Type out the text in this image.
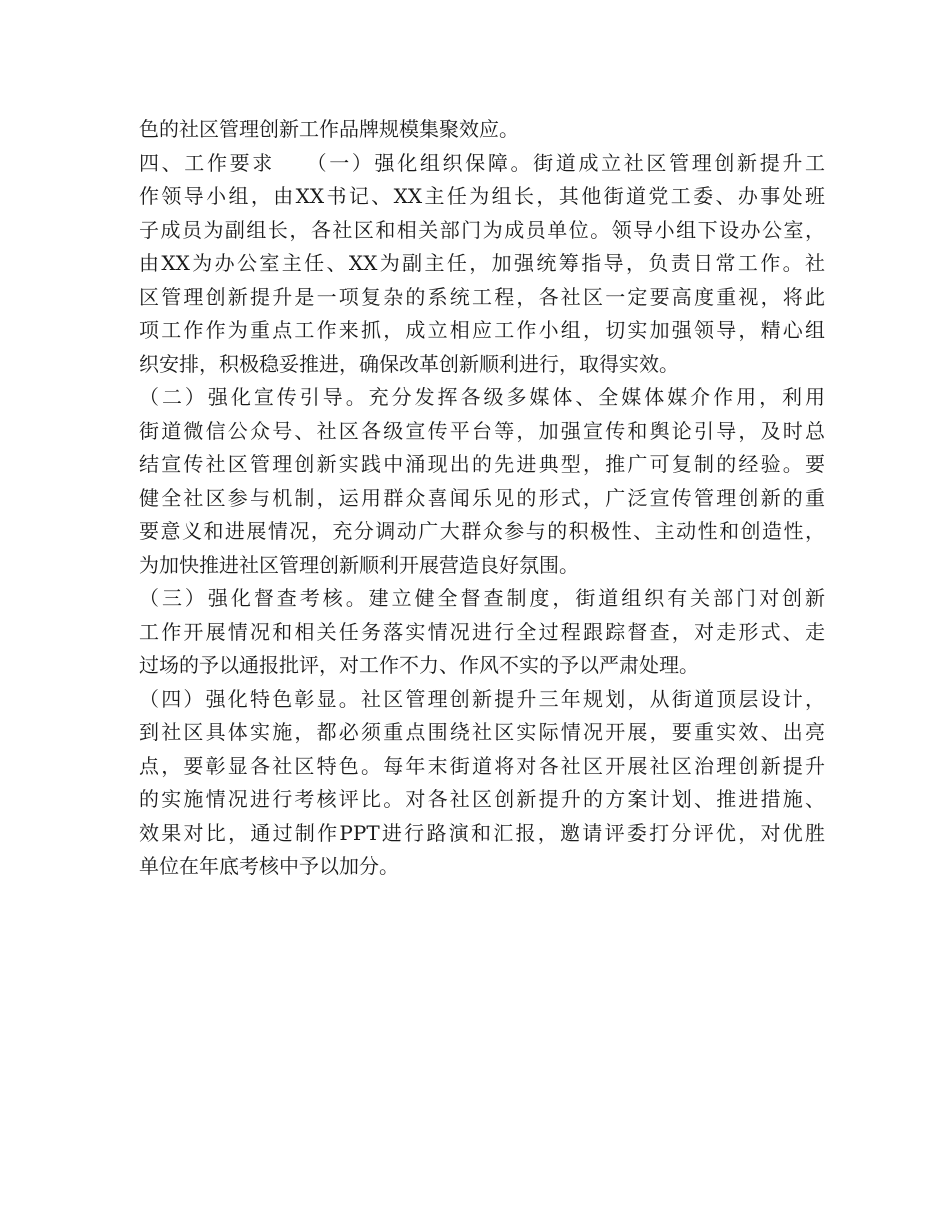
色的社区管理创新工作品牌规模集聚效应。
四、工作要求　 （一）强化组织保障。街道成立社区管理创新提升工
作领导小组，由XX书记、XX主任为组长，其他街道党工委、办事处班
子成员为副组长，各社区和相关部门为成员单位。领导小组下设办公室，
由XX为办公室主任、XX为副主任，加强统筹指导，负责日常工作。社
区管理创新提升是一项复杂的系统工程，各社区一定要高度重视，将此
项工作作为重点工作来抓，成立相应工作小组，切实加强领导，精心组
织安排，积极稳妥推进，确保改革创新顺利进行，取得实效。
（二）强化宣传引导。充分发挥各级多媒体、全媒体媒介作用，利用
街道微信公众号、社区各级宣传平台等，加强宣传和舆论引导，及时总
结宣传社区管理创新实践中涌现出的先进典型，推广可复制的经验。要
健全社区参与机制，运用群众喜闻乐见的形式，广泛宣传管理创新的重
要意义和进展情况，充分调动广大群众参与的积极性、主动性和创造性，
为加快推进社区管理创新顺利开展营造良好氛围。
（三）强化督查考核。建立健全督查制度，街道组织有关部门对创新
工作开展情况和相关任务落实情况进行全过程跟踪督查，对走形式、走
过场的予以通报批评，对工作不力、作风不实的予以严肃处理。
（四）强化特色彰显。社区管理创新提升三年规划，从街道顶层设计，
到社区具体实施，都必须重点围绕社区实际情况开展，要重实效、出亮
点，要彰显各社区特色。每年末街道将对各社区开展社区治理创新提升
的实施情况进行考核评比。对各社区创新提升的方案计划、推进措施、
效果对比，通过制作PPT进行路演和汇报，邀请评委打分评优，对优胜
单位在年底考核中予以加分。
